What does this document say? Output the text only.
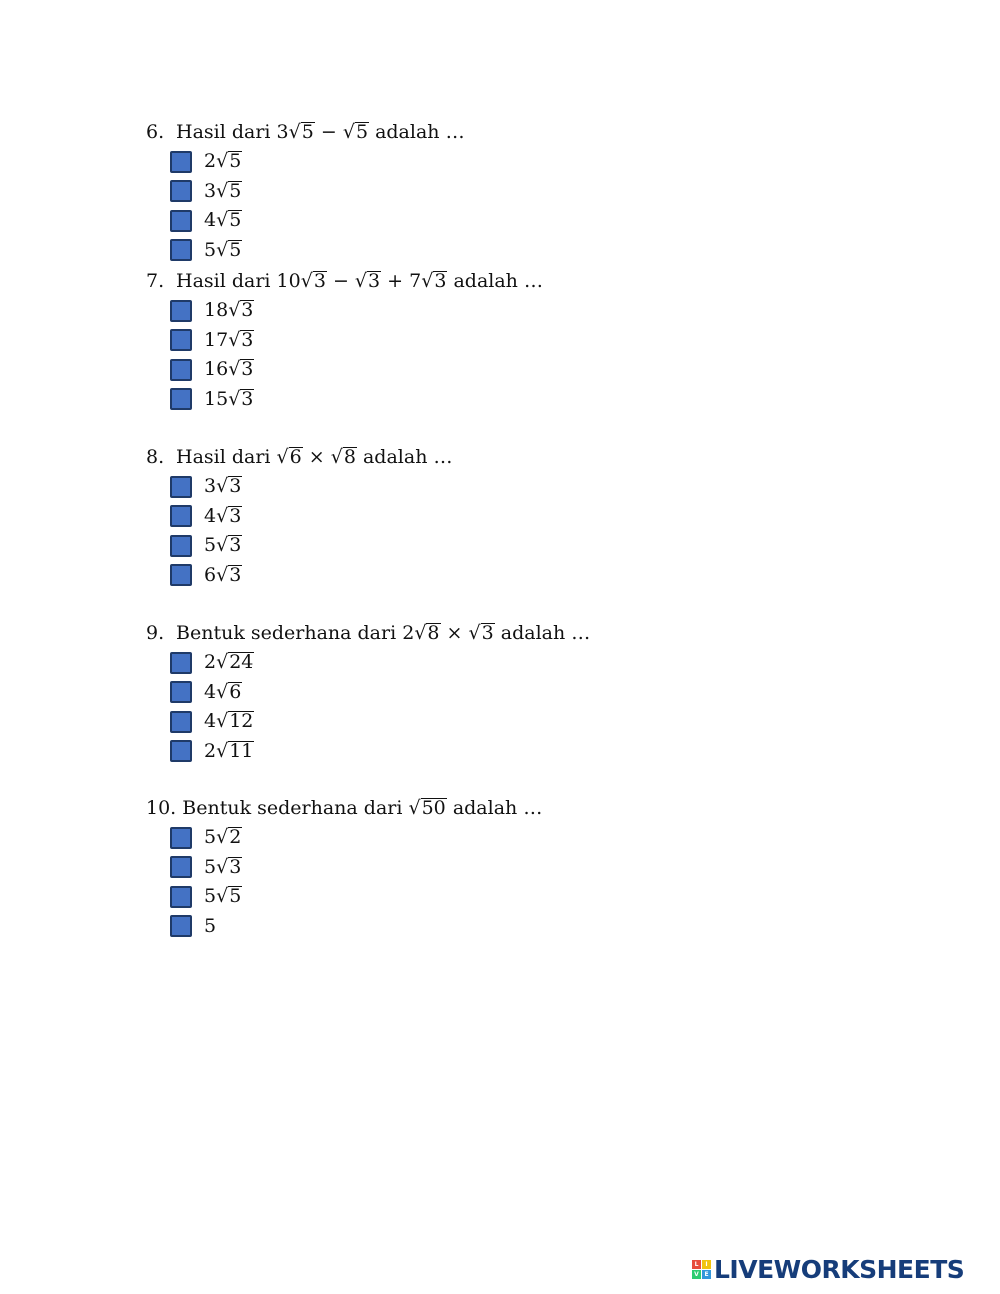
6. Hasil dari 3√5 − √5 adalah …
2√5
3√5
4√5
5√5
7. Hasil dari 10√3 − √3 + 7√3 adalah …
18√3
17√3
16√3
15√3
8. Hasil dari √6 × √8 adalah …
3√3
4√3
5√3
6√3
9. Bentuk sederhana dari 2√8 × √3 adalah …
2√24
4√6
4√12
2√11
10. Bentuk sederhana dari √50 adalah …
5√2
5√3
5√5
5
L	I
V E LIVEWORKSHEETS
